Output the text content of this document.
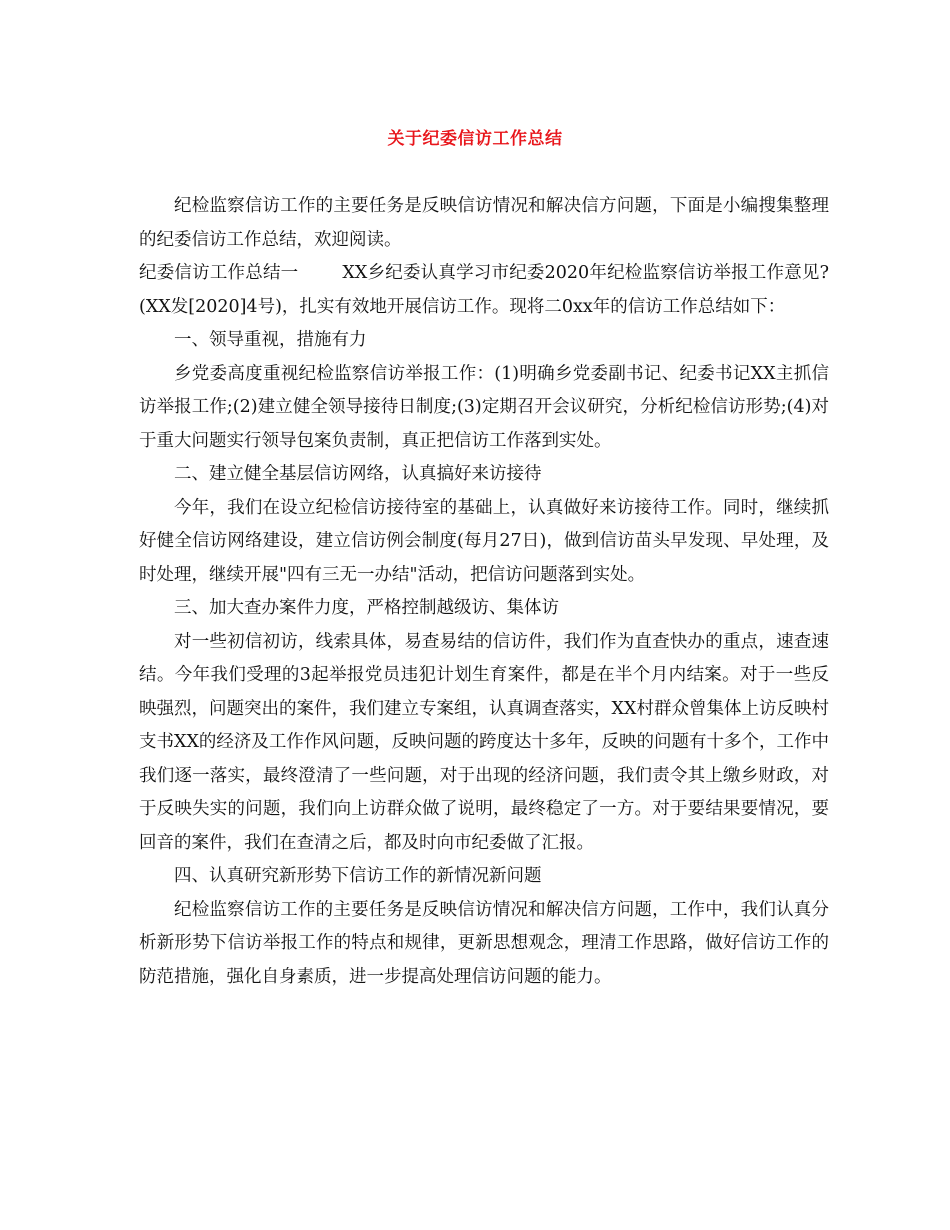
关于纪委信访工作总结

纪检监察信访工作的主要任务是反映信访情况和解决信方问题，下面是小编搜集整理的纪委信访工作总结，欢迎阅读。

纪委信访工作总结一	XX乡纪委认真学习市纪委2020年纪检监察信访举报工作意见?(XX发[2020]4号)，扎实有效地开展信访工作。现将二0xx年的信访工作总结如下：

一、领导重视，措施有力

乡党委高度重视纪检监察信访举报工作：(1)明确乡党委副书记、纪委书记XX主抓信访举报工作;(2)建立健全领导接待日制度;(3)定期召开会议研究，分析纪检信访形势;(4)对于重大问题实行领导包案负责制，真正把信访工作落到实处。

二、建立健全基层信访网络，认真搞好来访接待

今年，我们在设立纪检信访接待室的基础上，认真做好来访接待工作。同时，继续抓好健全信访网络建设，建立信访例会制度(每月27日)，做到信访苗头早发现、早处理，及时处理，继续开展"四有三无一办结"活动，把信访问题落到实处。

三、加大查办案件力度，严格控制越级访、集体访

对一些初信初访，线索具体，易查易结的信访件，我们作为直查快办的重点，速查速结。今年我们受理的3起举报党员违犯计划生育案件，都是在半个月内结案。对于一些反映强烈，问题突出的案件，我们建立专案组，认真调查落实，XX村群众曾集体上访反映村支书XX的经济及工作作风问题，反映问题的跨度达十多年，反映的问题有十多个，工作中我们逐一落实，最终澄清了一些问题，对于出现的经济问题，我们责令其上缴乡财政，对于反映失实的问题，我们向上访群众做了说明，最终稳定了一方。对于要结果要情况，要回音的案件，我们在查清之后，都及时向市纪委做了汇报。

四、认真研究新形势下信访工作的新情况新问题

纪检监察信访工作的主要任务是反映信访情况和解决信方问题，工作中，我们认真分析新形势下信访举报工作的特点和规律，更新思想观念，理清工作思路，做好信访工作的防范措施，强化自身素质，进一步提高处理信访问题的能力。
